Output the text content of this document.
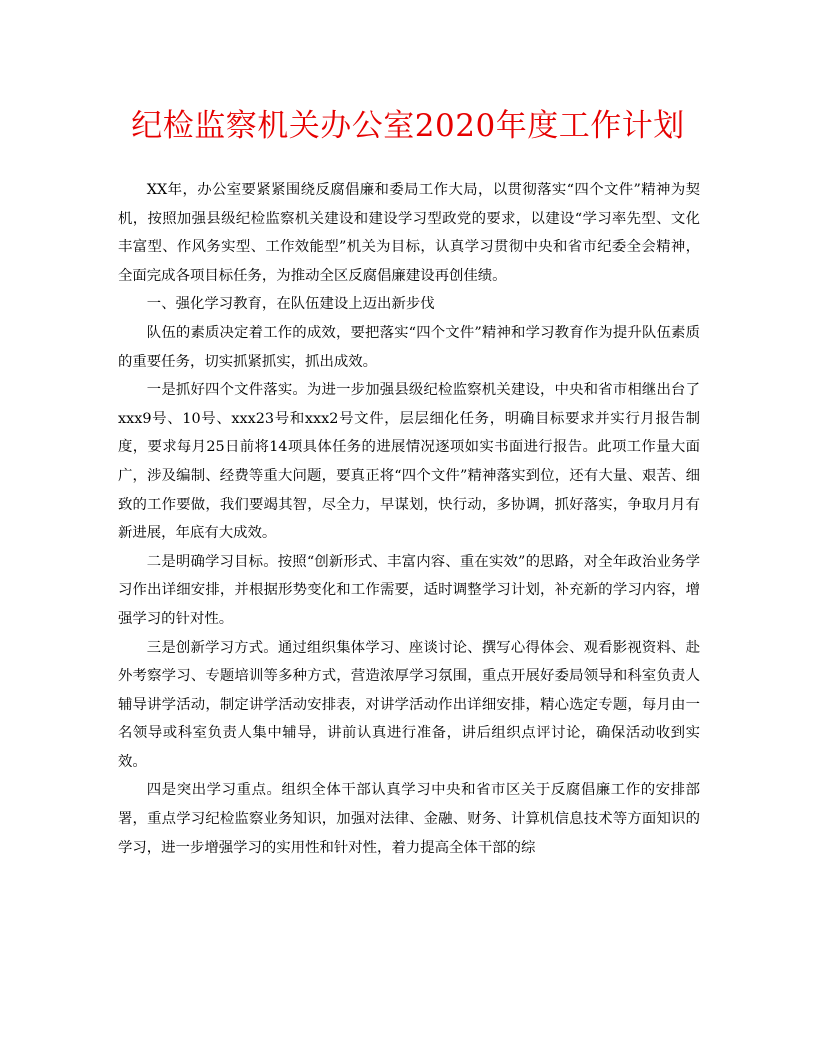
纪检监察机关办公室2020年度工作计划

XX年，办公室要紧紧围绕反腐倡廉和委局工作大局，以贯彻落实“四个文件”精神为契机，按照加强县级纪检监察机关建设和建设学习型政党的要求，以建设“学习率先型、文化丰富型、作风务实型、工作效能型”机关为目标，认真学习贯彻中央和省市纪委全会精神，全面完成各项目标任务，为推动全区反腐倡廉建设再创佳绩。

一、强化学习教育，在队伍建设上迈出新步伐

队伍的素质决定着工作的成效，要把落实“四个文件”精神和学习教育作为提升队伍素质的重要任务，切实抓紧抓实，抓出成效。

一是抓好四个文件落实。为进一步加强县级纪检监察机关建设，中央和省市相继出台了xxx9号、10号、xxx23号和xxx2号文件，层层细化任务，明确目标要求并实行月报告制度，要求每月25日前将14项具体任务的进展情况逐项如实书面进行报告。此项工作量大面广，涉及编制、经费等重大问题，要真正将“四个文件”精神落实到位，还有大量、艰苦、细致的工作要做，我们要竭其智，尽全力，早谋划，快行动，多协调，抓好落实，争取月月有新进展，年底有大成效。

二是明确学习目标。按照“创新形式、丰富内容、重在实效”的思路，对全年政治业务学习作出详细安排，并根据形势变化和工作需要，适时调整学习计划，补充新的学习内容，增强学习的针对性。

三是创新学习方式。通过组织集体学习、座谈讨论、撰写心得体会、观看影视资料、赴外考察学习、专题培训等多种方式，营造浓厚学习氛围，重点开展好委局领导和科室负责人辅导讲学活动，制定讲学活动安排表，对讲学活动作出详细安排，精心选定专题，每月由一名领导或科室负责人集中辅导，讲前认真进行准备，讲后组织点评讨论，确保活动收到实效。

四是突出学习重点。组织全体干部认真学习中央和省市区关于反腐倡廉工作的安排部署，重点学习纪检监察业务知识，加强对法律、金融、财务、计算机信息技术等方面知识的学习，进一步增强学习的实用性和针对性，着力提高全体干部的综
